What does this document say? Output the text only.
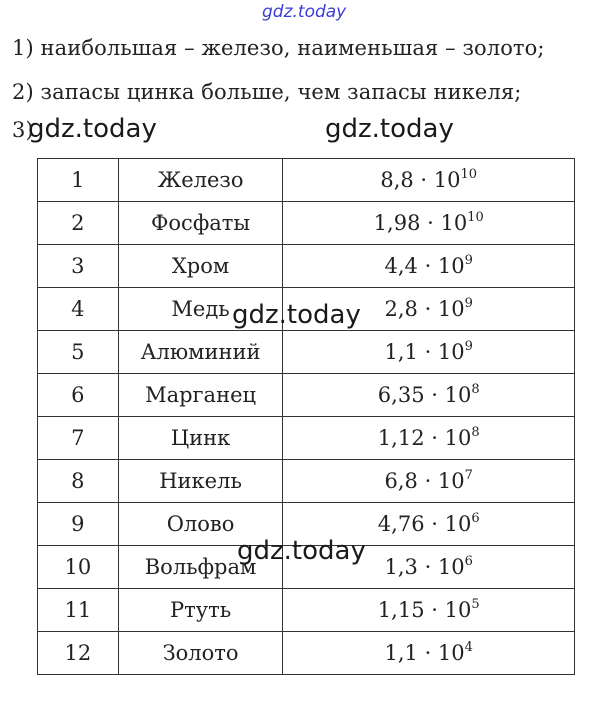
gdz.today
1) наибольшая – железо, наименьшая – золото;
2) запасы цинка больше, чем запасы никеля;
3)
1	Железо	$8,8 \cdot 10^{10}$
2	Фосфаты	$1,98 \cdot 10^{10}$
3	Хром	$4,4 \cdot 10^9$
4	Медь	$2,8 \cdot 10^9$
5	Алюминий	$1,1 \cdot 10^9$
6	Марганец	$6,35 \cdot 10^8$
7	Цинк	$1,12 \cdot 10^8$
8	Никель	$6,8 \cdot 10^7$
9	Олово	$4,76 \cdot 10^6$
10	Вольфрам	$1,3 \cdot 10^6$
11	Ртуть	$1,15 \cdot 10^5$
12	Золото	$1,1 \cdot 10^4$
gdz.today	gdz.today
gdz.today
gdz.today
